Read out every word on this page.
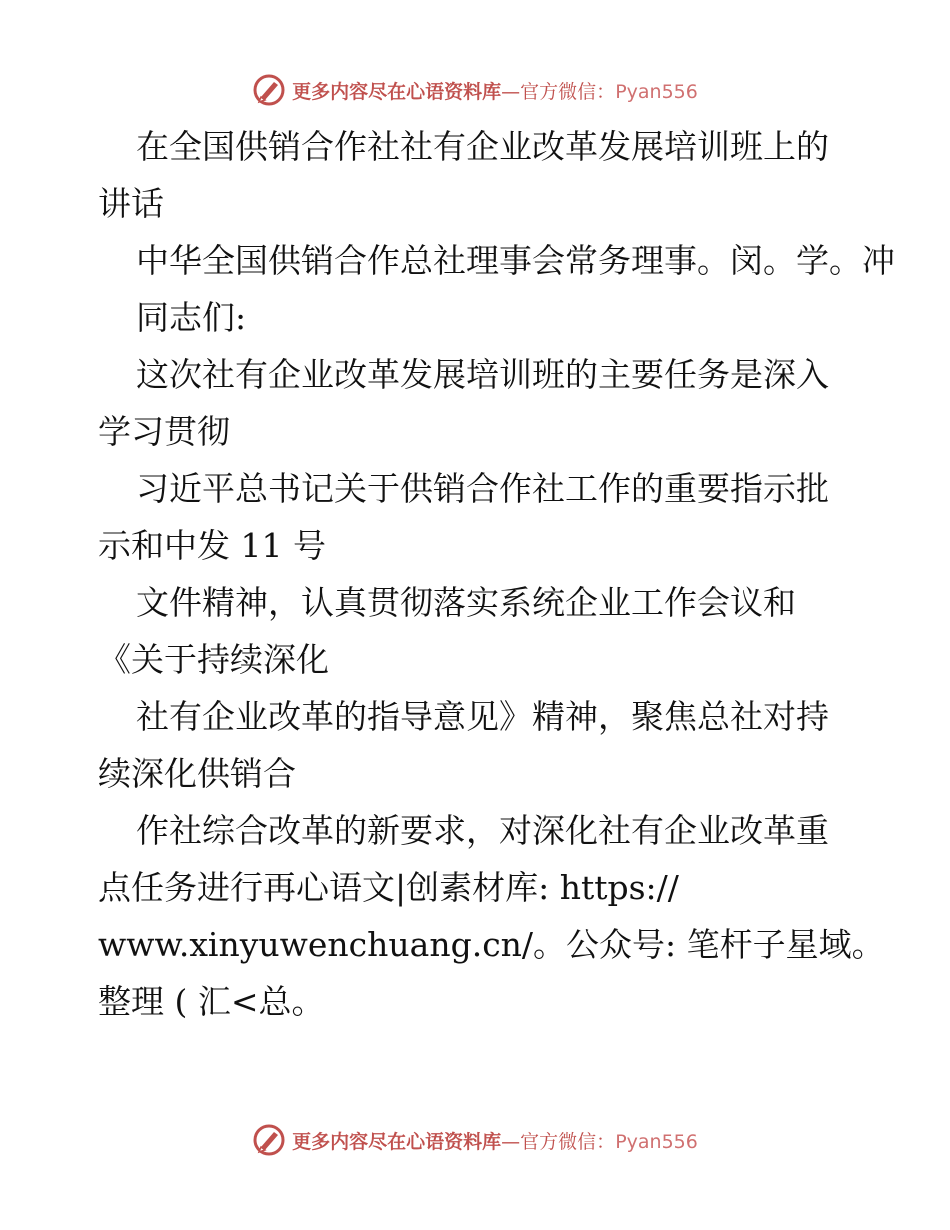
更多内容尽在心语资料库—官方微信：Pyan556
在全国供销合作社社有企业改革发展培训班上的
讲话
中华全国供销合作总社理事会常务理事。闵。学。冲
同志们:
这次社有企业改革发展培训班的主要任务是深入
学习贯彻
习近平总书记关于供销合作社工作的重要指示批
示和中发 11 号
文件精神，认真贯彻落实系统企业工作会议和
《关于持续深化
社有企业改革的指导意见》精神，聚焦总社对持
续深化供销合
作社综合改革的新要求，对深化社有企业改革重
点任务进行再心语文|创素材库: https://
www.xinyuwenchuang.cn/。公众号: 笔杆子星域。
整理 ( 汇<总。
更多内容尽在心语资料库—官方微信：Pyan556
